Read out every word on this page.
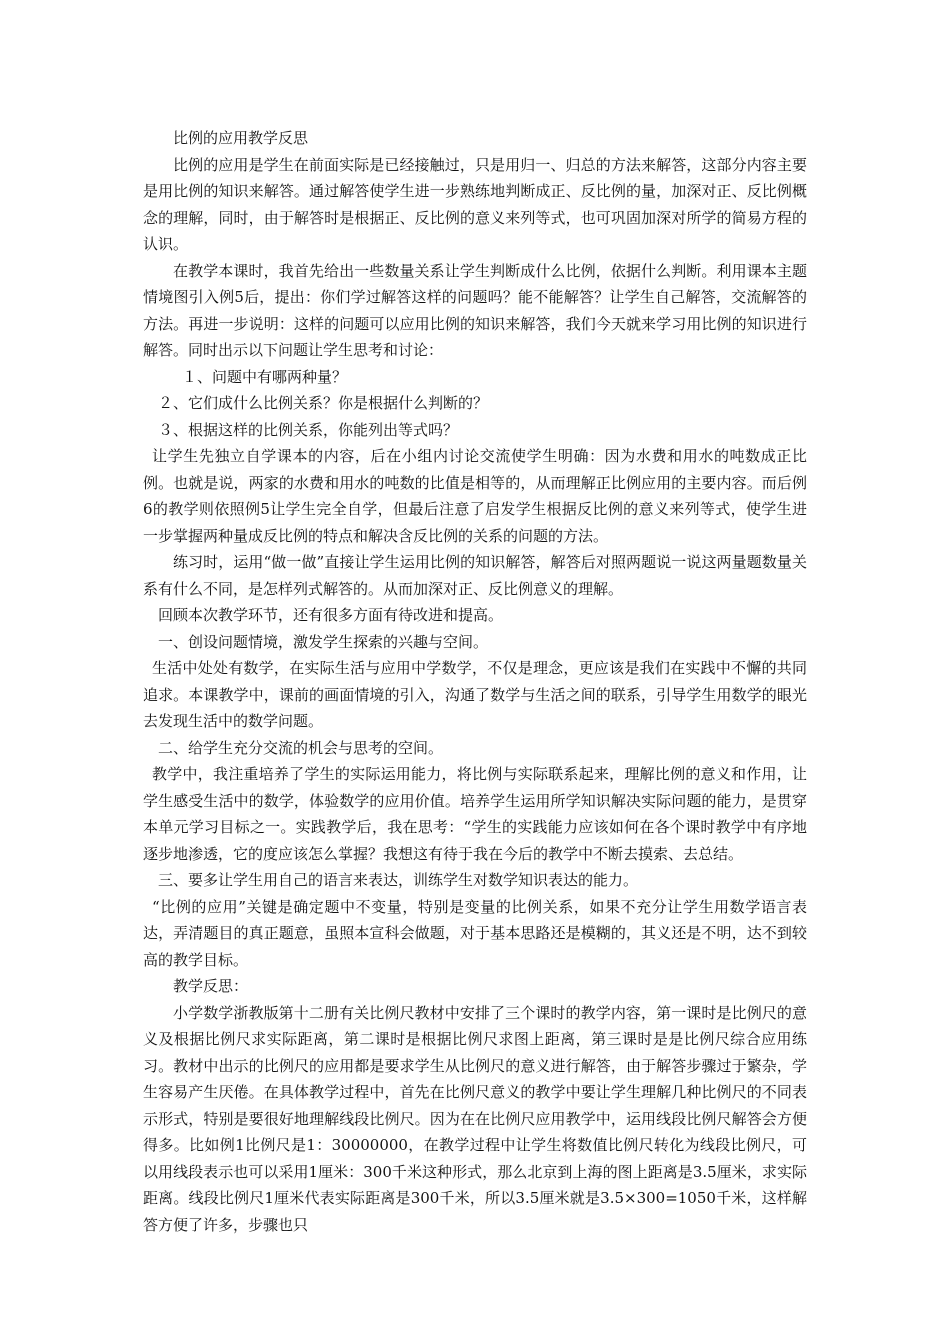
比例的应用教学反思

比例的应用是学生在前面实际是已经接触过，只是用归一、归总的方法来解答，这部分内容主要是用比例的知识来解答。通过解答使学生进一步熟练地判断成正、反比例的量，加深对正、反比例概念的理解，同时，由于解答时是根据正、反比例的意义来列等式，也可巩固加深对所学的简易方程的认识。

在教学本课时，我首先给出一些数量关系让学生判断成什么比例，依据什么判断。利用课本主题情境图引入例5后，提出：你们学过解答这样的问题吗？能不能解答？让学生自己解答，交流解答的方法。再进一步说明：这样的问题可以应用比例的知识来解答，我们今天就来学习用比例的知识进行解答。同时出示以下问题让学生思考和讨论：

１、问题中有哪两种量？

２、它们成什么比例关系？你是根据什么判断的？

３、根据这样的比例关系，你能列出等式吗？

让学生先独立自学课本的内容，后在小组内讨论交流使学生明确：因为水费和用水的吨数成正比例。也就是说，两家的水费和用水的吨数的比值是相等的，从而理解正比例应用的主要内容。而后例6的教学则依照例5让学生完全自学，但最后注意了启发学生根据反比例的意义来列等式，使学生进一步掌握两种量成反比例的特点和解决含反比例的关系的问题的方法。

练习时，运用“做一做”直接让学生运用比例的知识解答，解答后对照两题说一说这两量题数量关系有什么不同，是怎样列式解答的。从而加深对正、反比例意义的理解。

回顾本次教学环节，还有很多方面有待改进和提高。

一、创设问题情境，激发学生探索的兴趣与空间。

生活中处处有数学，在实际生活与应用中学数学，不仅是理念，更应该是我们在实践中不懈的共同追求。本课教学中，课前的画面情境的引入，沟通了数学与生活之间的联系，引导学生用数学的眼光去发现生活中的数学问题。

二、给学生充分交流的机会与思考的空间。

教学中，我注重培养了学生的实际运用能力，将比例与实际联系起来，理解比例的意义和作用，让学生感受生活中的数学，体验数学的应用价值。培养学生运用所学知识解决实际问题的能力，是贯穿本单元学习目标之一。实践教学后，我在思考：“学生的实践能力应该如何在各个课时教学中有序地逐步地渗透，它的度应该怎么掌握？我想这有待于我在今后的教学中不断去摸索、去总结。

三、要多让学生用自己的语言来表达，训练学生对数学知识表达的能力。

“比例的应用”关键是确定题中不变量，特别是变量的比例关系，如果不充分让学生用数学语言表达，弄清题目的真正题意，虽照本宣科会做题，对于基本思路还是模糊的，其义还是不明，达不到较高的教学目标。

教学反思：

小学数学浙教版第十二册有关比例尺教材中安排了三个课时的教学内容，第一课时是比例尺的意义及根据比例尺求实际距离，第二课时是根据比例尺求图上距离，第三课时是是比例尺综合应用练习。教材中出示的比例尺的应用都是要求学生从比例尺的意义进行解答，由于解答步骤过于繁杂，学生容易产生厌倦。在具体教学过程中，首先在比例尺意义的教学中要让学生理解几种比例尺的不同表示形式，特别是要很好地理解线段比例尺。因为在在比例尺应用教学中，运用线段比例尺解答会方便得多。比如例1比例尺是1：30000000，在教学过程中让学生将数值比例尺转化为线段比例尺，可以用线段表示也可以采用1厘米：300千米这种形式，那么北京到上海的图上距离是3.5厘米，求实际距离。线段比例尺1厘米代表实际距离是300千米，所以3.5厘米就是3.5×300=1050千米，这样解答方便了许多，步骤也只
